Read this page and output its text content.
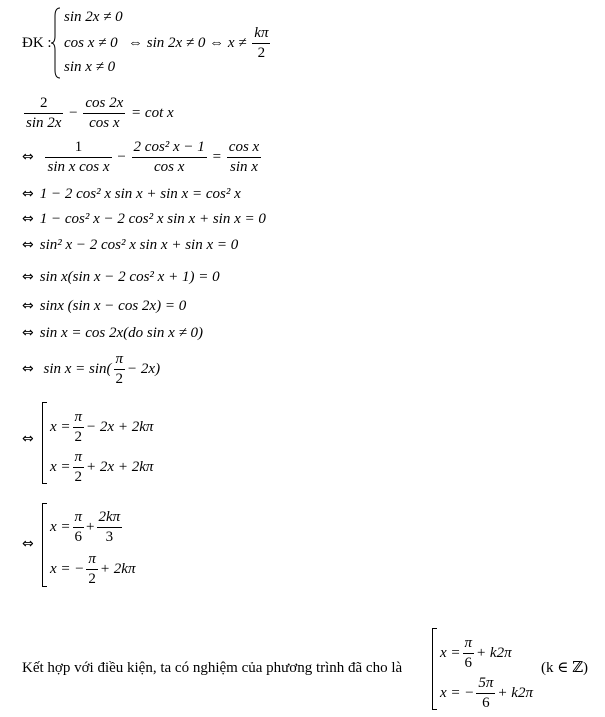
ĐK :
sin 2x ≠ 0
cos x ≠ 0
sin x ≠ 0
⇔ sin 2x ≠ 0 ⇔ $x \ne \frac{k\pi}{2}$
$\frac{2}{\sin 2x} - \frac{\cos 2x}{\text{cos x}} = \cot x$
⇔ $\frac{1}{\text{sin x cos x}} - \frac{\text{2 cos² x − 1}}{\text{cos x}} = \frac{\text{cos x}}{\text{sin x}}$
⇔ 1 − 2 cos² x sin x + sin x = cos² x
⇔ 1 − cos² x − 2 cos² x sin x + sin x = 0
⇔ sin² x − 2 cos² x sin x + sin x = 0
⇔ sin x(sin x − 2 cos² x + 1) = 0
⇔ sinx (sin x − cos 2x) = 0
⇔ sin x = cos 2x(do sin x ≠ 0)
⇔ $\sin x = \sin( \frac{\pi}{2} - 2x)$
⇔
$x = \frac{\pi}{2} - 2x + 2k\pi$
$x = \frac{\pi}{2} + 2x + 2k\pi$
⇔
$x = \frac{\pi}{6} + \frac{2k\pi}{3}$
x = − $\frac{\pi}{2} + 2k\pi$
Kết hợp với điều kiện, ta có nghiệm của phương trình đã cho là
$x = \frac{\pi}{6} + k2\pi$
x = − $\frac{5\pi}{6} + k2\pi$
(k ∈ ℤ)
